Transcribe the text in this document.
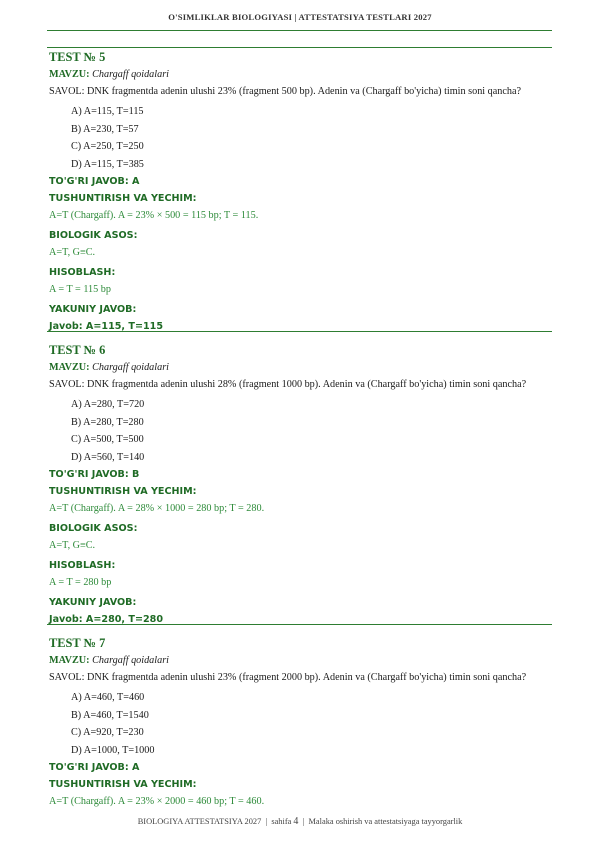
O'SIMLIKLAR BIOLOGIYASI | ATTESTATSIYA TESTLARI 2027
TEST № 5
MAVZU: Chargaff qoidalari
SAVOL: DNK fragmentda adenin ulushi 23% (fragment 500 bp). Adenin va (Chargaff bo'yicha) timin soni qancha?
A) A=115, T=115
B) A=230, T=57
C) A=250, T=250
D) A=115, T=385
TO'G'RI JAVOB: A
TUSHUNTIRISH VA YECHIM:
A=T (Chargaff). A = 23% × 500 = 115 bp; T = 115.
BIOLOGIK ASOS:
A=T, G≡C.
HISOBLASH:
A = T = 115 bp
YAKUNIY JAVOB:
Javob: A=115, T=115
TEST № 6
MAVZU: Chargaff qoidalari
SAVOL: DNK fragmentda adenin ulushi 28% (fragment 1000 bp). Adenin va (Chargaff bo'yicha) timin soni qancha?
A) A=280, T=720
B) A=280, T=280
C) A=500, T=500
D) A=560, T=140
TO'G'RI JAVOB: B
TUSHUNTIRISH VA YECHIM:
A=T (Chargaff). A = 28% × 1000 = 280 bp; T = 280.
BIOLOGIK ASOS:
A=T, G≡C.
HISOBLASH:
A = T = 280 bp
YAKUNIY JAVOB:
Javob: A=280, T=280
TEST № 7
MAVZU: Chargaff qoidalari
SAVOL: DNK fragmentda adenin ulushi 23% (fragment 2000 bp). Adenin va (Chargaff bo'yicha) timin soni qancha?
A) A=460, T=460
B) A=460, T=1540
C) A=920, T=230
D) A=1000, T=1000
TO'G'RI JAVOB: A
TUSHUNTIRISH VA YECHIM:
A=T (Chargaff). A = 23% × 2000 = 460 bp; T = 460.
BIOLOGIYA ATTESTATSIYA 2027  |  sahifa 4  |  Malaka oshirish va attestatsiyaga tayyorgarlik
